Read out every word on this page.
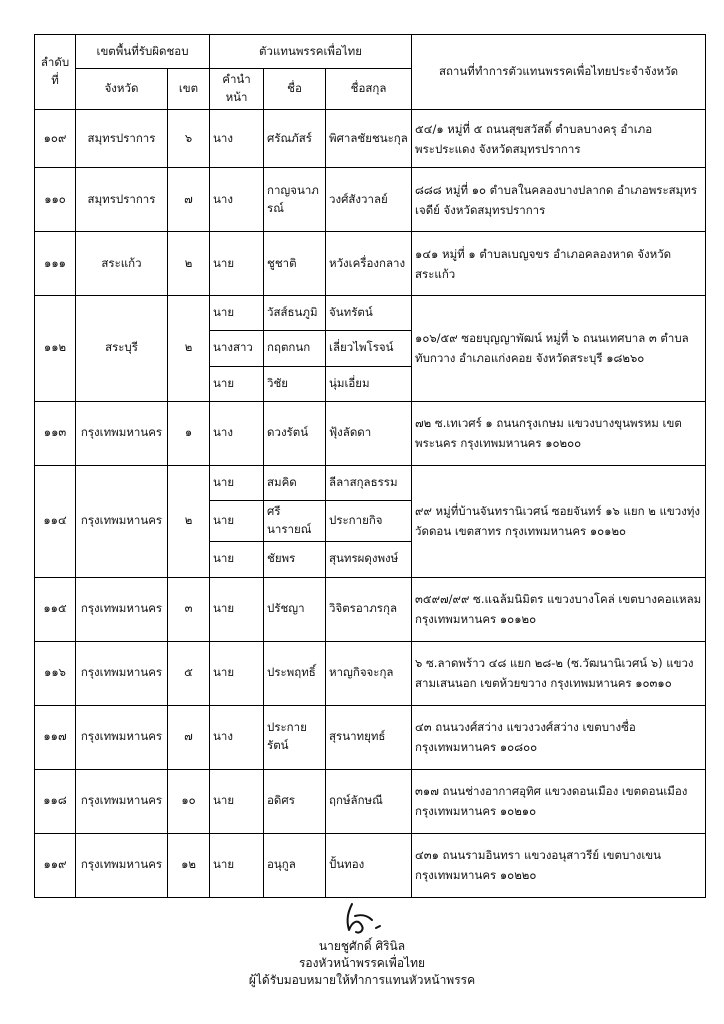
ลำดับ
ที่	เขตพื้นที่รับผิดชอบ		ตัวแทนพรรคเพื่อไทย			สถานที่ทำการตัวแทนพรรคเพื่อไทยประจำจังหวัด
	จังหวัด	เขต	คำนำหน้า	ชื่อ	ชื่อสกุล	
๑๐๙	สมุทรปราการ	๖	นาง	ศรัณภัสร์	พิศาลชัยชนะกุล	๕๔/๑ หมู่ที่ ๕ ถนนสุขสวัสดิ์ ตำบลบางครุ อำเภอพระประแดง จังหวัดสมุทรปราการ
๑๑๐	สมุทรปราการ	๗	นาง	กาญจนาภรณ์	วงศ์สังวาลย์	๘๘๘ หมู่ที่ ๑๐ ตำบลในคลองบางปลากด อำเภอพระสมุทรเจดีย์ จังหวัดสมุทรปราการ
๑๑๑	สระแก้ว	๒	นาย	ชูชาติ	หวังเครื่องกลาง	๑๔๑ หมู่ที่ ๑ ตำบลเบญจขร อำเภอคลองหาด จังหวัดสระแก้ว
๑๑๒	สระบุรี	๒	นาย	วัสส์ธนภูมิ	จันทรัตน์	๑๐๖/๕๙ ซอยบุญญาพัฒน์ หมู่ที่ ๖ ถนนเทศบาล ๓ ตำบลทับกวาง อำเภอแก่งคอย จังหวัดสระบุรี ๑๘๒๖๐
			นางสาว	กฤตกนก	เลี่ยวไพโรจน์	
			นาย	วิชัย	นุ่มเอี่ยม	
๑๑๓	กรุงเทพมหานคร	๑	นาง	ดวงรัตน์	ฟุ้งลัดดา	๗๒ ซ.เทเวศร์ ๑ ถนนกรุงเกษม แขวงบางขุนพรหม เขตพระนคร กรุงเทพมหานคร ๑๐๒๐๐
๑๑๔	กรุงเทพมหานคร	๒	นาย	สมคิด	ลีลาสกุลธรรม	๙๙ หมู่ที่บ้านจันทรานิเวศน์ ซอยจันทร์ ๑๖ แยก ๒ แขวงทุ่งวัดดอน เขตสาทร กรุงเทพมหานคร ๑๐๑๒๐
			นาย	ศรีนารายณ์	ประกายกิจ	
			นาย	ชัยพร	สุนทรผดุงพงษ์	
๑๑๕	กรุงเทพมหานคร	๓	นาย	ปรัชญา	วิจิตรอาภรกุล	๓๕๙๗/๙๙ ซ.แฉล้มนิมิตร แขวงบางโคล่ เขตบางคอแหลม กรุงเทพมหานคร ๑๐๑๒๐
๑๑๖	กรุงเทพมหานคร	๕	นาย	ประพฤทธิ์	หาญกิจจะกุล	๖ ซ.ลาดพร้าว ๔๘ แยก ๒๘-๒ (ซ.วัฒนานิเวศน์ ๖) แขวงสามเสนนอก เขตห้วยขวาง กรุงเทพมหานคร ๑๐๓๑๐
๑๑๗	กรุงเทพมหานคร	๗	นาง	ประกายรัตน์	สุรนาทยุทธ์	๔๓ ถนนวงศ์สว่าง แขวงวงศ์สว่าง เขตบางซื่อ กรุงเทพมหานคร ๑๐๘๐๐
๑๑๘	กรุงเทพมหานคร	๑๐	นาย	อดิศร	ฤกษ์ลักษณี	๓๑๗ ถนนช่างอากาศอุทิศ แขวงดอนเมือง เขตดอนเมือง กรุงเทพมหานคร ๑๐๒๑๐
๑๑๙	กรุงเทพมหานคร	๑๒	นาย	อนุกูล	ปั้นทอง	๔๓๑ ถนนรามอินทรา แขวงอนุสาวรีย์ เขตบางเขน กรุงเทพมหานคร ๑๐๒๒๐
นายชูศักดิ์ ศิรินิล
รองหัวหน้าพรรคเพื่อไทย
ผู้ได้รับมอบหมายให้ทำการแทนหัวหน้าพรรค
